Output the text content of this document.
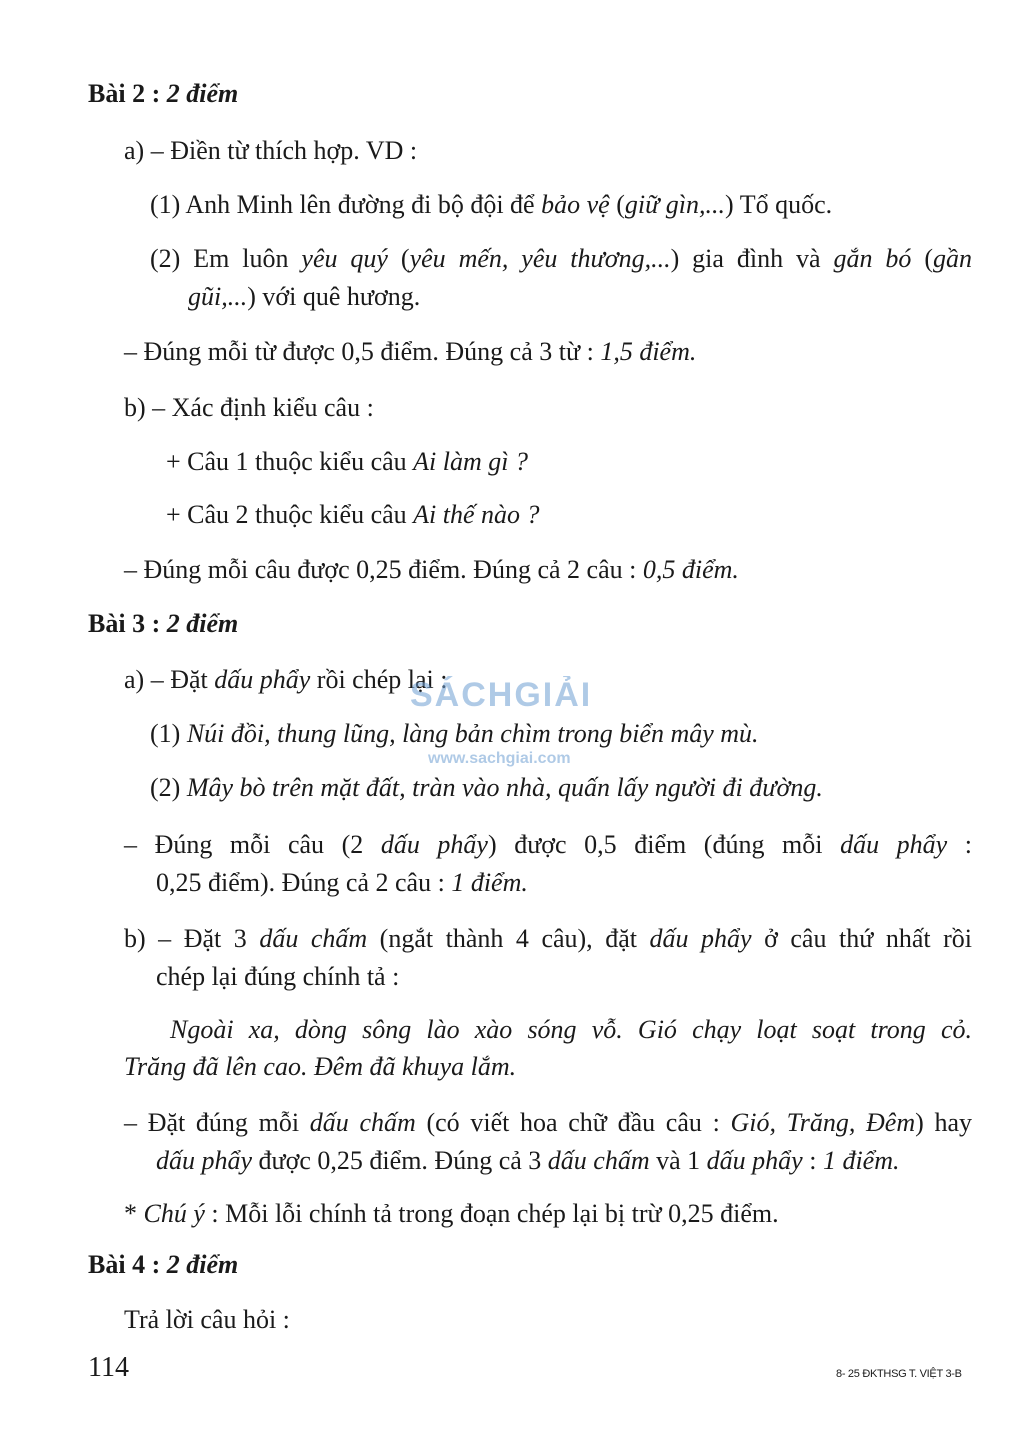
Bài 2 : 2 điểm
a) – Điền từ thích hợp. VD :
(1) Anh Minh lên đường đi bộ đội để bảo vệ (giữ gìn,...) Tổ quốc.
(2) Em luôn yêu quý (yêu mến, yêu thương,...) gia đình và gắn bó (gần
gũi,...) với quê hương.
– Đúng mỗi từ được 0,5 điểm. Đúng cả 3 từ : 1,5 điểm.
b) – Xác định kiểu câu :
+ Câu 1 thuộc kiểu câu Ai làm gì ?
+ Câu 2 thuộc kiểu câu Ai thế nào ?
– Đúng mỗi câu được 0,25 điểm. Đúng cả 2 câu : 0,5 điểm.
Bài 3 : 2 điểm
a) – Đặt dấu phẩy rồi chép lại :
(1) Núi đồi, thung lũng, làng bản chìm trong biển mây mù.
(2) Mây bò trên mặt đất, tràn vào nhà, quấn lấy người đi đường.
– Đúng mỗi câu (2 dấu phẩy) được 0,5 điểm (đúng mỗi dấu phẩy :
0,25 điểm). Đúng cả 2 câu : 1 điểm.
b) – Đặt 3 dấu chấm (ngắt thành 4 câu), đặt dấu phẩy ở câu thứ nhất rồi
chép lại đúng chính tả :
Ngoài xa, dòng sông lào xào sóng vỗ. Gió chạy loạt soạt trong cỏ.
Trăng đã lên cao. Đêm đã khuya lắm.
– Đặt đúng mỗi dấu chấm (có viết hoa chữ đầu câu : Gió, Trăng, Đêm) hay
dấu phẩy được 0,25 điểm. Đúng cả 3 dấu chấm và 1 dấu phẩy : 1 điểm.
* Chú ý : Mỗi lỗi chính tả trong đoạn chép lại bị trừ 0,25 điểm.
Bài 4 : 2 điểm
Trả lời câu hỏi :
SÁCHGIẢI
www.sachgiai.com
114	8- 25 ĐKTHSG T. VIỆT 3-B
